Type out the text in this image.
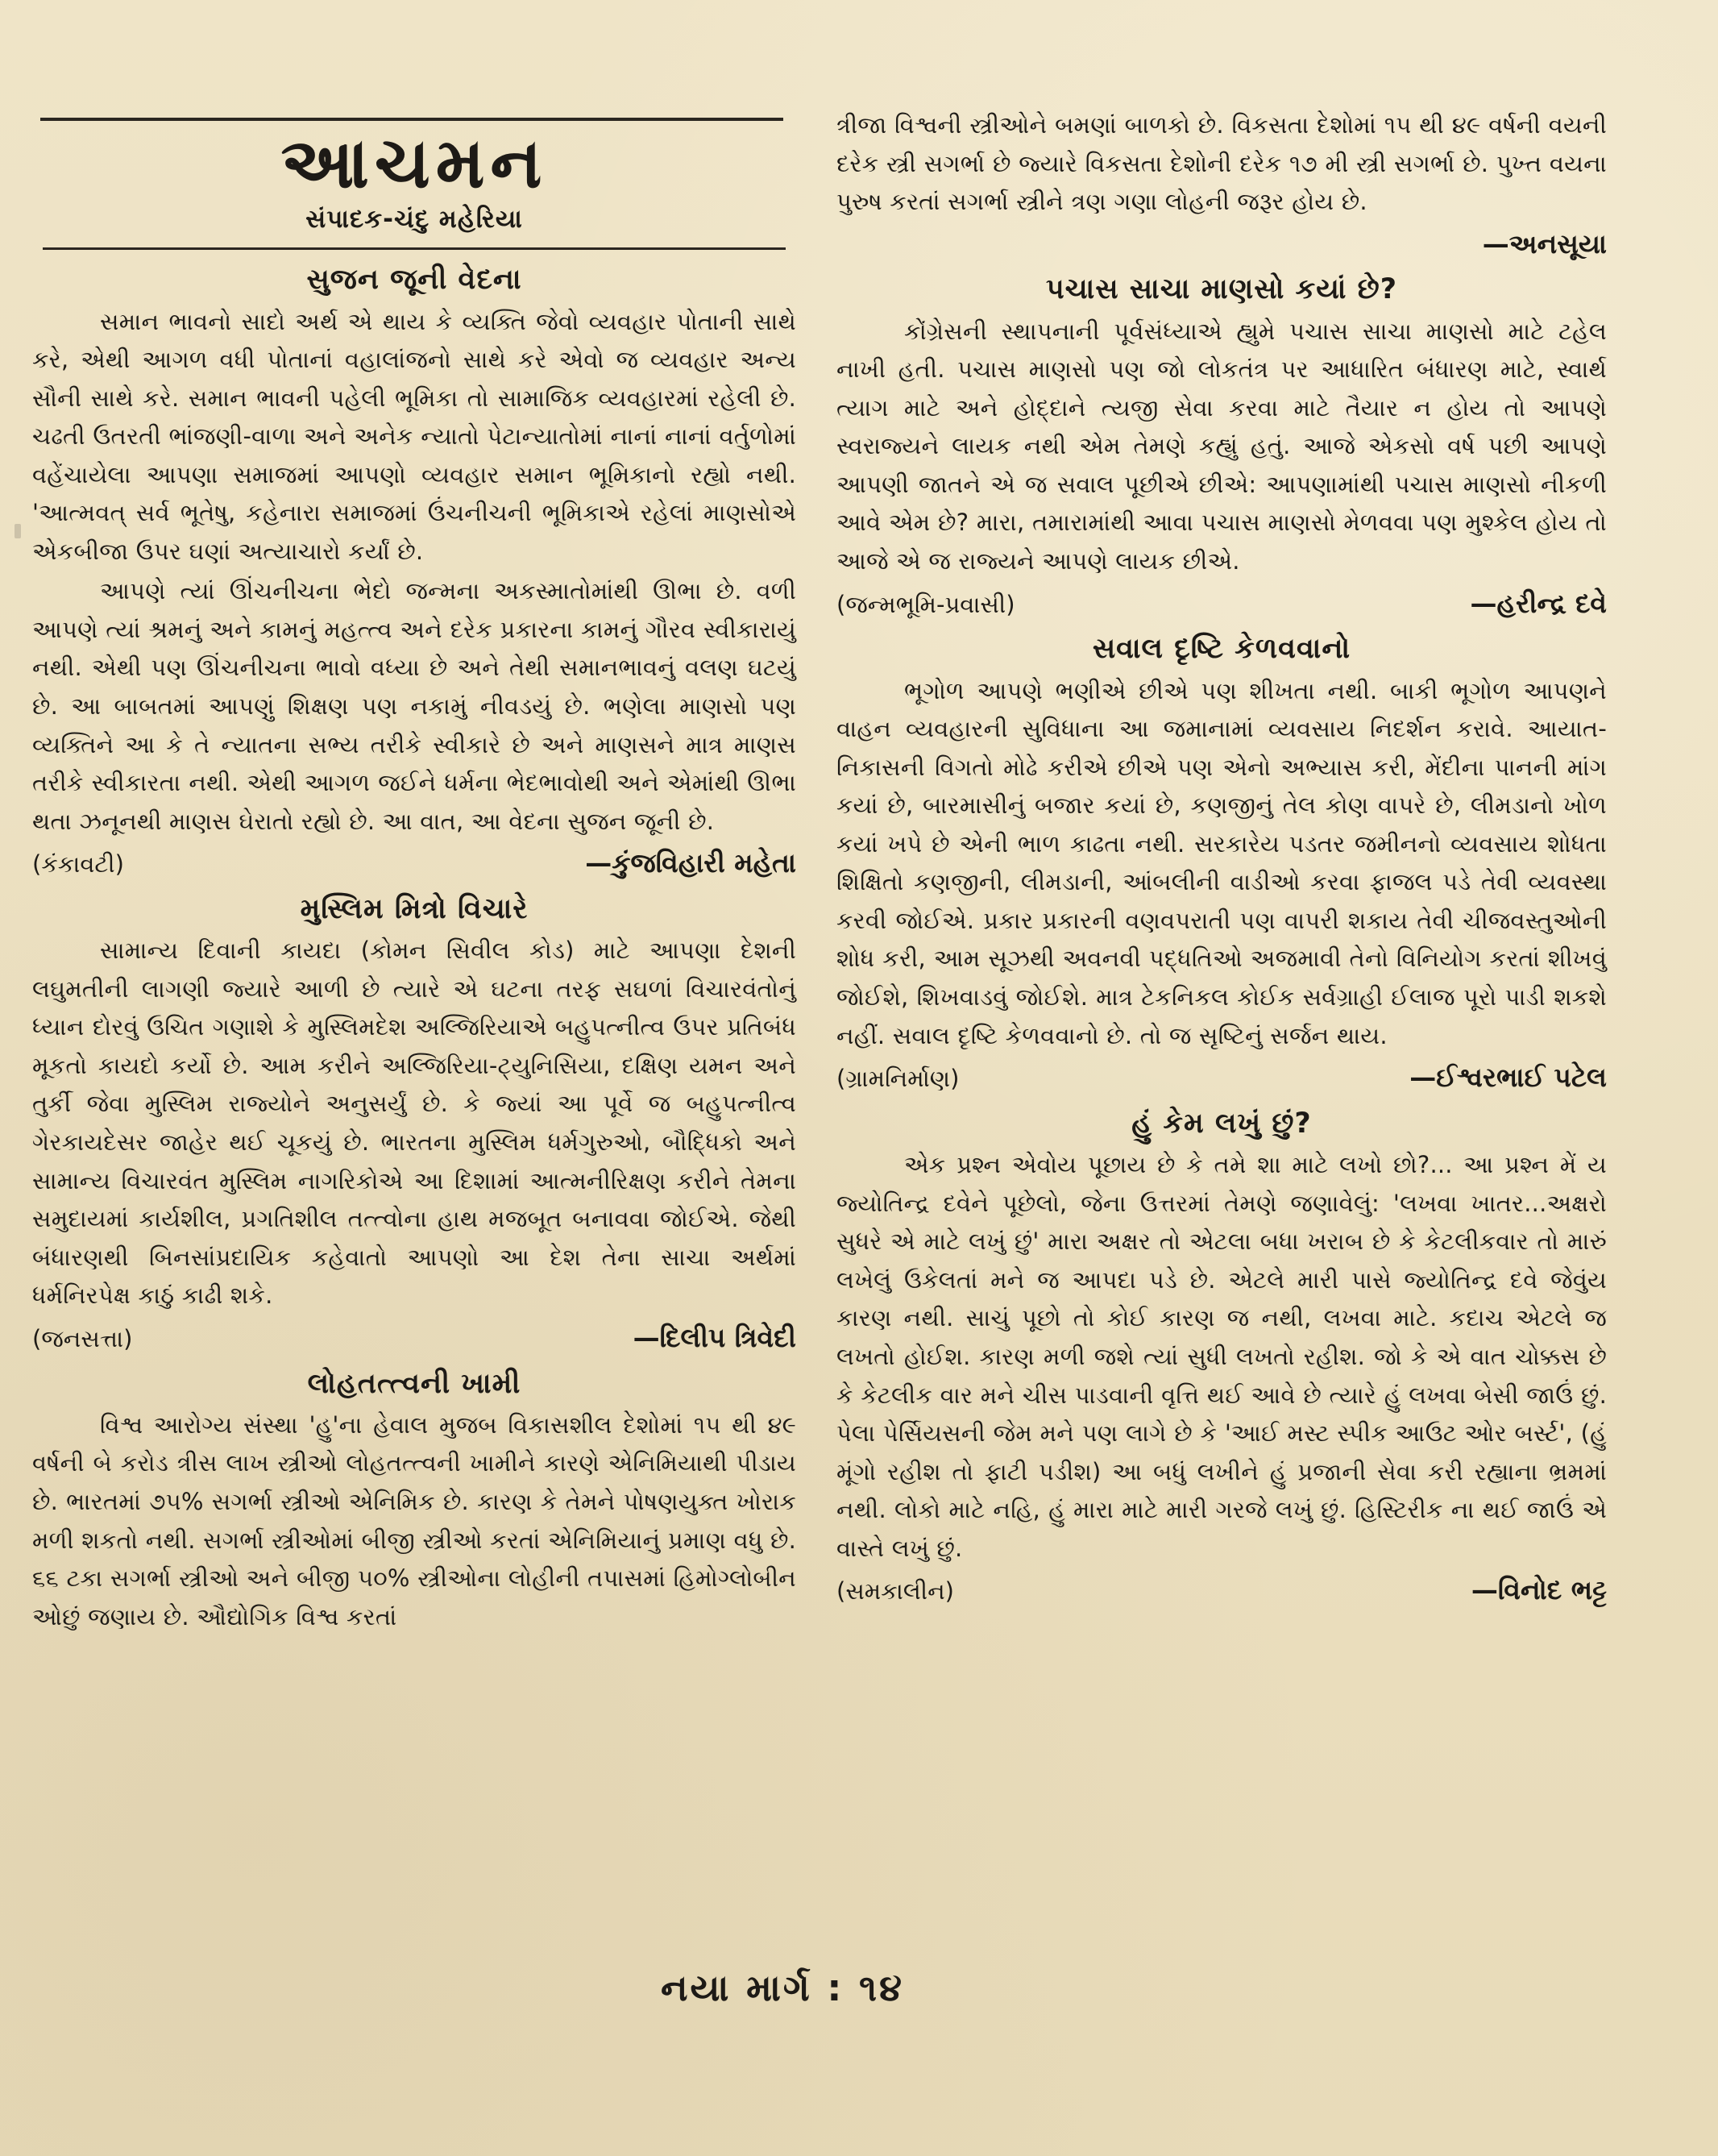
આચમન
સંપાદક-ચંદુ મહેરિયા
સુજન જૂની વેદના

સમાન ભાવનો સાદો અર્થ એ થાય કે વ્યક્તિ જેવો વ્યવહાર પોતાની સાથે કરે, એથી આગળ વધી પોતાનાં વહાલાંજનો સાથે કરે એવો જ વ્યવહાર અન્ય સૌની સાથે કરે. સમાન ભાવની પહેલી ભૂમિકા તો સામાજિક વ્યવહારમાં રહેલી છે. ચઢતી ઉતરતી ભાંજણી-વાળા અને અનેક ન્યાતો પેટાન્યાતોમાં નાનાં નાનાં વર્તુળોમાં વહેંચાયેલા આપણા સમાજમાં આપણો વ્યવહાર સમાન ભૂમિકાનો રહ્યો નથી. 'આત્મવત્ સર્વ ભૂતેષુ, કહેનારા સમાજમાં ઉંચનીચની ભૂમિકાએ રહેલાં માણસોએ એકબીજા ઉપર ઘણાં અત્યાચારો કર્યાં છે.

આપણે ત્યાં ઊંચનીચના ભેદો જન્મના અકસ્માતોમાંથી ઊભા છે. વળી આપણે ત્યાં શ્રમનું અને કામનું મહત્ત્વ અને દરેક પ્રકારના કામનું ગૌરવ સ્વીકારાયું નથી. એથી પણ ઊંચનીચના ભાવો વધ્યા છે અને તેથી સમાનભાવનું વલણ ઘટયું છે. આ બાબતમાં આપણું શિક્ષણ પણ નકામું નીવડયું છે. ભણેલા માણસો પણ વ્યક્તિને આ કે તે ન્યાતના સભ્ય તરીકે સ્વીકારે છે અને માણસને માત્ર માણસ તરીકે સ્વીકારતા નથી. એથી આગળ જઈને ધર્મના ભેદભાવોથી અને એમાંથી ઊભા થતા ઝનૂનથી માણસ ઘેરાતો રહ્યો છે. આ વાત, આ વેદના સુજન જૂની છે.

(કંકાવટી)	—કુંજવિહારી મહેતા
મુસ્લિમ મિત્રો વિચારે

સામાન્ય દિવાની કાયદા (કોમન સિવીલ કોડ) માટે આપણા દેશની લઘુમતીની લાગણી જ્યારે આળી છે ત્યારે એ ઘટના તરફ સઘળાં વિચારવંતોનું ધ્યાન દોરવું ઉચિત ગણાશે કે મુસ્લિમદેશ અલ્જિરિયાએ બહુપત્નીત્વ ઉપર પ્રતિબંધ મૂકતો કાયદો કર્યો છે. આમ કરીને અલ્જિરિયા-ટ્યુનિસિયા, દક્ષિણ યમન અને તુર્કી જેવા મુસ્લિમ રાજ્યોને અનુસર્યું છે. કે જ્યાં આ પૂર્વે જ બહુપત્નીત્વ ગેરકાયદેસર જાહેર થઈ ચૂકયું છે. ભારતના મુસ્લિમ ધર્મગુરુઓ, બૌદ્ધિકો અને સામાન્ય વિચારવંત મુસ્લિમ નાગરિકોએ આ દિશામાં આત્મનીરિક્ષણ કરીને તેમના સમુદાયમાં કાર્યશીલ, પ્રગતિશીલ તત્ત્વોના હાથ મજબૂત બનાવવા જોઈએ. જેથી બંધારણથી બિનસાંપ્રદાયિક કહેવાતો આપણો આ દેશ તેના સાચા અર્થમાં ધર્મનિરપેક્ષ કાઠું કાઢી શકે.

(જનસત્તા)	—દિલીપ ત્રિવેદી
લોહતત્ત્વની ખામી

વિશ્વ આરોગ્ય સંસ્થા 'હુ'ના હેવાલ મુજબ વિકાસશીલ દેશોમાં ૧૫ થી ૪૯ વર્ષની બે કરોડ ત્રીસ લાખ સ્ત્રીઓ લોહતત્ત્વની ખામીને કારણે એનિમિયાથી પીડાય છે. ભારતમાં ૭૫% સગર્ભા સ્ત્રીઓ એનિમિક છે. કારણ કે તેમને પોષણયુક્ત ખોરાક મળી શકતો નથી. સગર્ભા સ્ત્રીઓમાં બીજી સ્ત્રીઓ કરતાં એનિમિયાનું પ્રમાણ વધુ છે. ૬૬ ટકા સગર્ભા સ્ત્રીઓ અને બીજી ૫૦% સ્ત્રીઓના લોહીની તપાસમાં હિમોગ્લોબીન ઓછું જણાય છે. ઔદ્યોગિક વિશ્વ કરતાં

ત્રીજા વિશ્વની સ્ત્રીઓને બમણાં બાળકો છે. વિકસતા દેશોમાં ૧૫ થી ૪૯ વર્ષની વયની દરેક સ્ત્રી સગર્ભા છે જ્યારે વિકસતા દેશોની દરેક ૧૭ મી સ્ત્રી સગર્ભા છે. પુખ્ત વયના પુરુષ કરતાં સગર્ભા સ્ત્રીને ત્રણ ગણા લોહની જરૂર હોય છે.

—અનસૂયા
પચાસ સાચા માણસો કયાં છે?

કોંગ્રેસની સ્થાપનાની પૂર્વસંધ્યાએ હ્યુમે પચાસ સાચા માણસો માટે ટહેલ નાખી હતી. પચાસ માણસો પણ જો લોકતંત્ર પર આધારિત બંધારણ માટે, સ્વાર્થ ત્યાગ માટે અને હોદ્દાને ત્યજી સેવા કરવા માટે તૈયાર ન હોય તો આપણે સ્વરાજ્યને લાયક નથી એમ તેમણે કહ્યું હતું. આજે એકસો વર્ષ પછી આપણે આપણી જાતને એ જ સવાલ પૂછીએ છીએ: આપણામાંથી પચાસ માણસો નીકળી આવે એમ છે? મારા, તમારામાંથી આવા પચાસ માણસો મેળવવા પણ મુશ્કેલ હોય તો આજે એ જ રાજ્યને આપણે લાયક છીએ.

(જન્મભૂમિ-પ્રવાસી)	—હરીન્દ્ર દવે
સવાલ દૃષ્ટિ કેળવવાનો

ભૂગોળ આપણે ભણીએ છીએ પણ શીખતા નથી. બાકી ભૂગોળ આપણને વાહન વ્યવહારની સુવિધાના આ જમાનામાં વ્યવસાય નિદર્શન કરાવે. આયાત-નિકાસની વિગતો મોઢે કરીએ છીએ પણ એનો અભ્યાસ કરી, મેંદીના પાનની માંગ કયાં છે, બારમાસીનું બજાર કયાં છે, કણજીનું તેલ કોણ વાપરે છે, લીમડાનો ખોળ કયાં ખપે છે એની ભાળ કાઢતા નથી. સરકારેય પડતર જમીનનો વ્યવસાય શોધતા શિક્ષિતો કણજીની, લીમડાની, આંબલીની વાડીઓ કરવા ફાજલ પડે તેવી વ્યવસ્થા કરવી જોઈએ. પ્રકાર પ્રકારની વણવપરાતી પણ વાપરી શકાય તેવી ચીજવસ્તુઓની શોધ કરી, આમ સૂઝથી અવનવી પદ્ધતિઓ અજમાવી તેનો વિનિયોગ કરતાં શીખવું જોઈશે, શિખવાડવું જોઈશે. માત્ર ટેકનિકલ કોઈક સર્વગ્રાહી ઈલાજ પૂરો પાડી શકશે નહીં. સવાલ દૃષ્ટિ કેળવવાનો છે. તો જ સૃષ્ટિનું સર્જન થાય.

(ગ્રામનિર્માણ)	—ઈશ્વરભાઈ પટેલ
હું કેમ લખું છું?

એક પ્રશ્ન એવોય પૂછાય છે કે તમે શા માટે લખો છો?... આ પ્રશ્ન મેં ય જ્યોતિન્દ્ર દવેને પૂછેલો, જેના ઉત્તરમાં તેમણે જણાવેલું: 'લખવા ખાતર...અક્ષરો સુધરે એ માટે લખું છું' મારા અક્ષર તો એટલા બધા ખરાબ છે કે કેટલીકવાર તો મારું લખેલું ઉકેલતાં મને જ આપદા પડે છે. એટલે મારી પાસે જ્યોતિન્દ્ર દવે જેવુંય કારણ નથી. સાચું પૂછો તો કોઈ કારણ જ નથી, લખવા માટે. કદાચ એટલે જ લખતો હોઈશ. કારણ મળી જશે ત્યાં સુધી લખતો રહીશ. જો કે એ વાત ચોક્કસ છે કે કેટલીક વાર મને ચીસ પાડવાની વૃત્તિ થઈ આવે છે ત્યારે હું લખવા બેસી જાઉં છું. પેલા પેર્સિયસની જેમ મને પણ લાગે છે કે 'આઈ મસ્ટ સ્પીક આઉટ ઓર બર્સ્ટ', (હું મૂંગો રહીશ તો ફાટી પડીશ) આ બધું લખીને હું પ્રજાની સેવા કરી રહ્યાના ભ્રમમાં નથી. લોકો માટે નહિ, હું મારા માટે મારી ગરજે લખું છું. હિસ્ટિરીક ના થઈ જાઉં એ વાસ્તે લખું છું.

(સમકાલીન)	—વિનોદ ભટ્ટ
નયા માર્ગ : ૧૪
